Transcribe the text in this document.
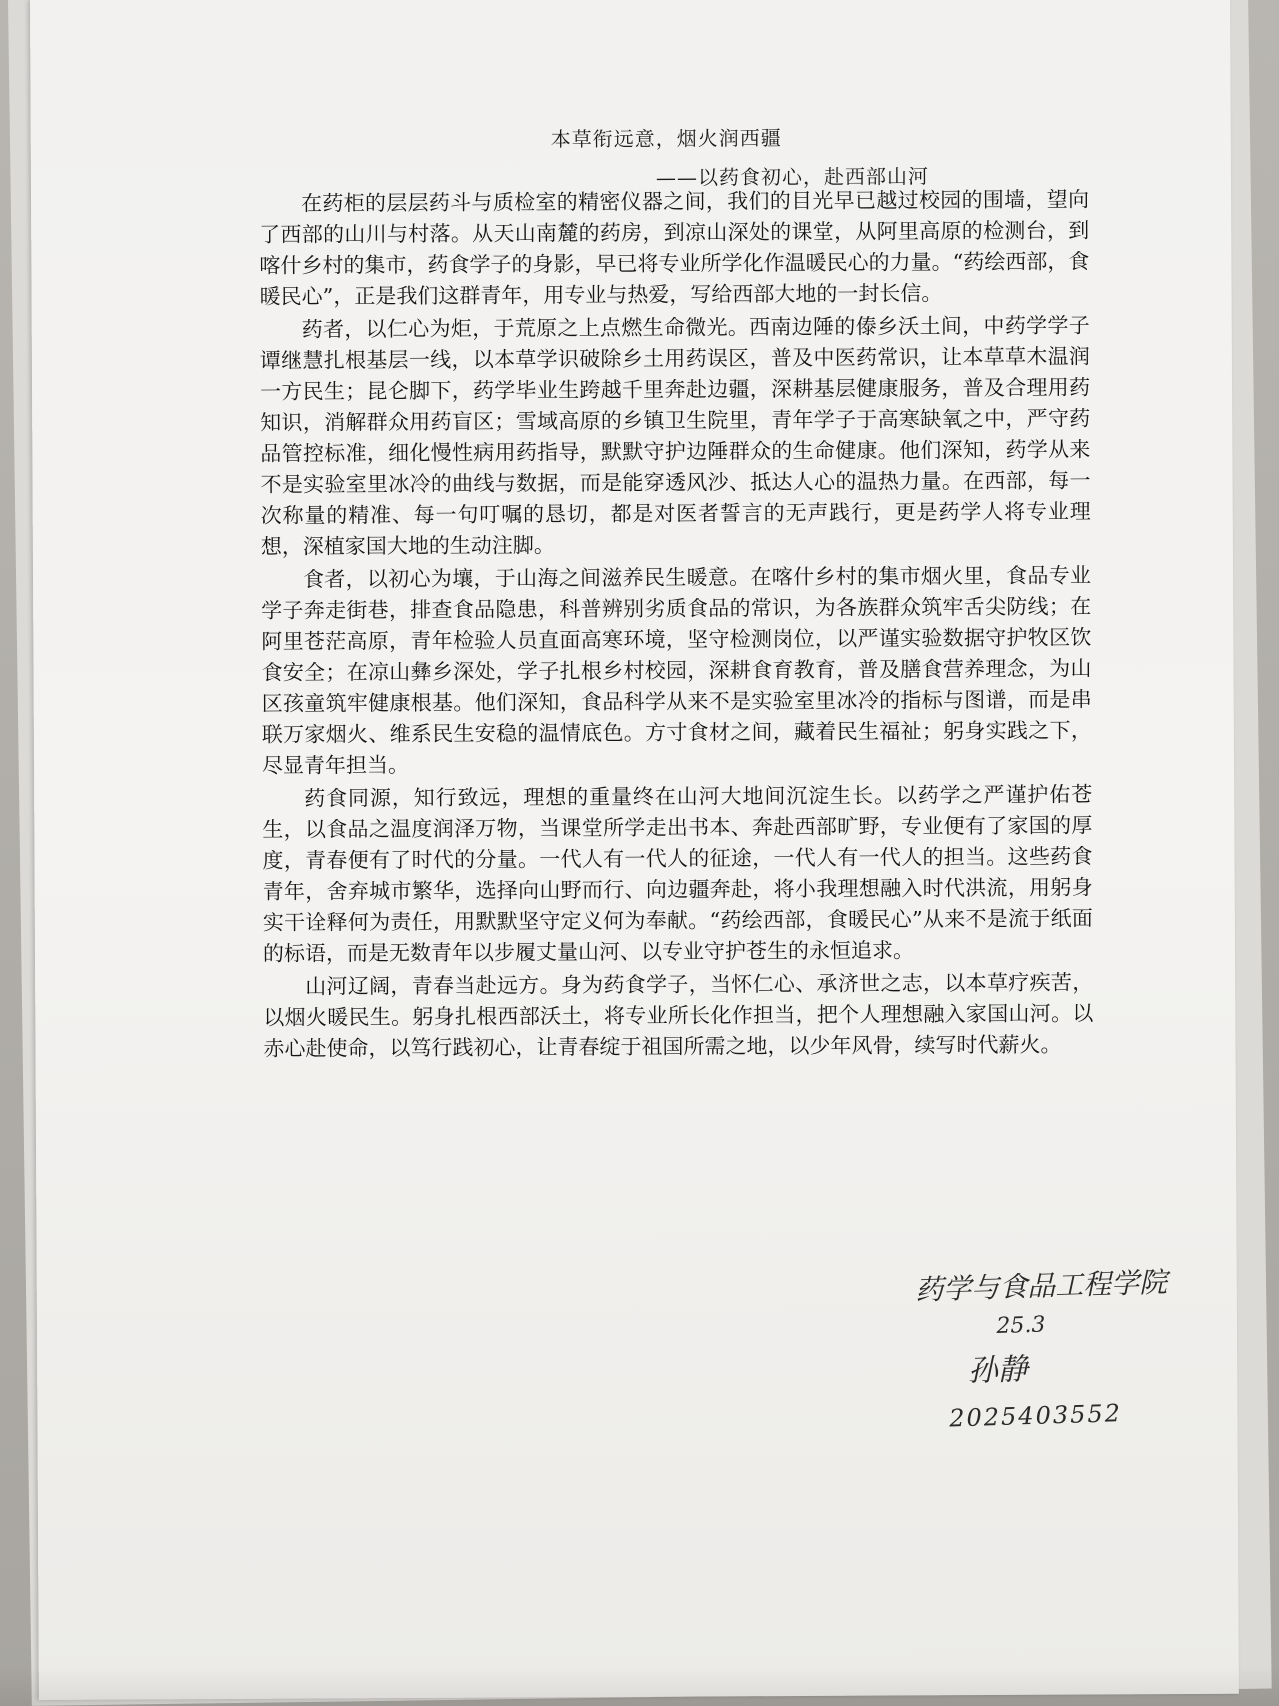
本草衔远意，烟火润西疆
——以药食初心，赴西部山河

在药柜的层层药斗与质检室的精密仪器之间，我们的目光早已越过校园的围墙，望向了西部的山川与村落。从天山南麓的药房，到凉山深处的课堂，从阿里高原的检测台，到喀什乡村的集市，药食学子的身影，早已将专业所学化作温暖民心的力量。“药绘西部，食暖民心”，正是我们这群青年，用专业与热爱，写给西部大地的一封长信。

药者，以仁心为炬，于荒原之上点燃生命微光。西南边陲的傣乡沃土间，中药学学子谭继慧扎根基层一线，以本草学识破除乡土用药误区，普及中医药常识，让本草草木温润一方民生；昆仑脚下，药学毕业生跨越千里奔赴边疆，深耕基层健康服务，普及合理用药知识，消解群众用药盲区；雪域高原的乡镇卫生院里，青年学子于高寒缺氧之中，严守药品管控标准，细化慢性病用药指导，默默守护边陲群众的生命健康。他们深知，药学从来不是实验室里冰冷的曲线与数据，而是能穿透风沙、抵达人心的温热力量。在西部，每一次称量的精准、每一句叮嘱的恳切，都是对医者誓言的无声践行，更是药学人将专业理想，深植家国大地的生动注脚。

食者，以初心为壤，于山海之间滋养民生暖意。在喀什乡村的集市烟火里，食品专业学子奔走街巷，排查食品隐患，科普辨别劣质食品的常识，为各族群众筑牢舌尖防线；在阿里苍茫高原，青年检验人员直面高寒环境，坚守检测岗位，以严谨实验数据守护牧区饮食安全；在凉山彝乡深处，学子扎根乡村校园，深耕食育教育，普及膳食营养理念，为山区孩童筑牢健康根基。他们深知，食品科学从来不是实验室里冰冷的指标与图谱，而是串联万家烟火、维系民生安稳的温情底色。方寸食材之间，藏着民生福祉；躬身实践之下，尽显青年担当。

药食同源，知行致远，理想的重量终在山河大地间沉淀生长。以药学之严谨护佑苍生，以食品之温度润泽万物，当课堂所学走出书本、奔赴西部旷野，专业便有了家国的厚度，青春便有了时代的分量。一代人有一代人的征途，一代人有一代人的担当。这些药食青年，舍弃城市繁华，选择向山野而行、向边疆奔赴，将小我理想融入时代洪流，用躬身实干诠释何为责任，用默默坚守定义何为奉献。“药绘西部，食暖民心”从来不是流于纸面的标语，而是无数青年以步履丈量山河、以专业守护苍生的永恒追求。

山河辽阔，青春当赴远方。身为药食学子，当怀仁心、承济世之志，以本草疗疾苦，以烟火暖民生。躬身扎根西部沃土，将专业所长化作担当，把个人理想融入家国山河。以赤心赴使命，以笃行践初心，让青春绽于祖国所需之地，以少年风骨，续写时代薪火。

药学与食品工程学院
25.3
孙静
2025403552
